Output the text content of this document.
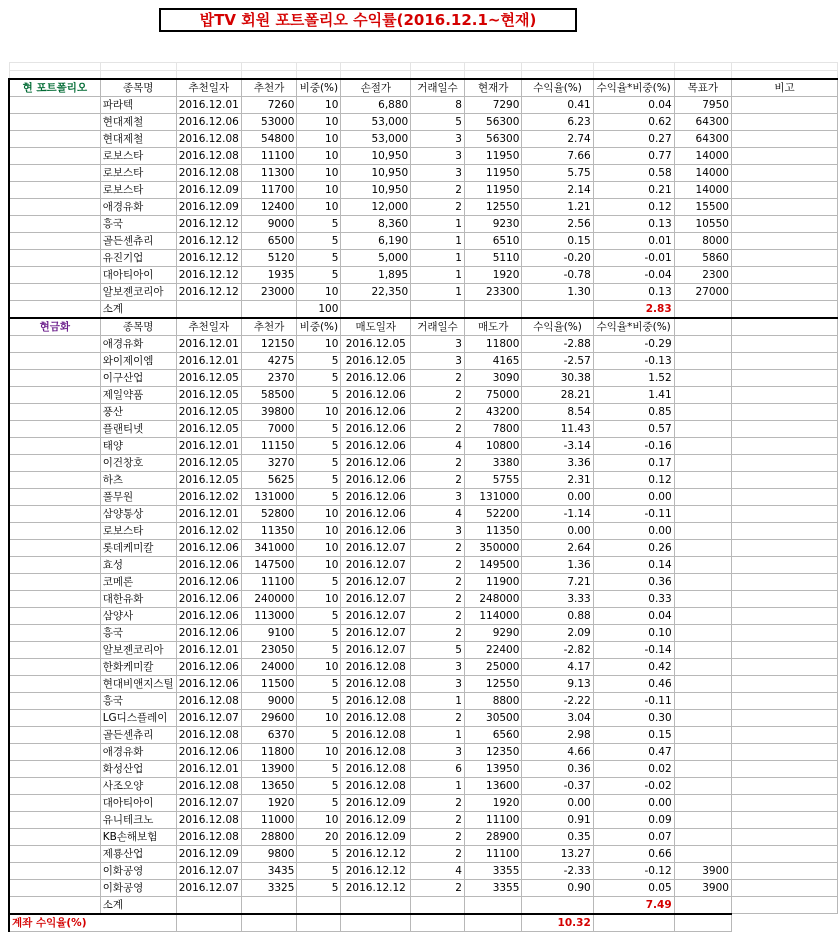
밥TV 회원 포트폴리오 수익률(2016.12.1~현재)

현 포트폴리오	종목명	추천일자	추천가	비중(%)	손절가	거래일수	현재가	수익율(%)	수익율*비중(%)	목표가	비고
	파라텍	2016.12.01	7260	10	6,880	8	7290	0.41	0.04	7950	
	현대제철	2016.12.06	53000	10	53,000	5	56300	6.23	0.62	64300	
	현대제철	2016.12.08	54800	10	53,000	3	56300	2.74	0.27	64300	
	로보스타	2016.12.08	11100	10	10,950	3	11950	7.66	0.77	14000	
	로보스타	2016.12.08	11300	10	10,950	3	11950	5.75	0.58	14000	
	로보스타	2016.12.09	11700	10	10,950	2	11950	2.14	0.21	14000	
	애경유화	2016.12.09	12400	10	12,000	2	12550	1.21	0.12	15500	
	흥국	2016.12.12	9000	5	8,360	1	9230	2.56	0.13	10550	
	골든센츄리	2016.12.12	6500	5	6,190	1	6510	0.15	0.01	8000	
	유진기업	2016.12.12	5120	5	5,000	1	5110	-0.20	-0.01	5860	
	대아티아이	2016.12.12	1935	5	1,895	1	1920	-0.78	-0.04	2300	
	알보젠코리아	2016.12.12	23000	10	22,350	1	23300	1.30	0.13	27000	
	소계			100					2.83		
현금화	종목명	추천일자	추천가	비중(%)	매도일자	거래일수	매도가	수익율(%)	수익율*비중(%)		
	애경유화	2016.12.01	12150	10	2016.12.05	3	11800	-2.88	-0.29		
	와이제이엠	2016.12.01	4275	5	2016.12.05	3	4165	-2.57	-0.13		
	이구산업	2016.12.05	2370	5	2016.12.06	2	3090	30.38	1.52		
	제일약품	2016.12.05	58500	5	2016.12.06	2	75000	28.21	1.41		
	풍산	2016.12.05	39800	10	2016.12.06	2	43200	8.54	0.85		
	플랜티넷	2016.12.05	7000	5	2016.12.06	2	7800	11.43	0.57		
	태양	2016.12.01	11150	5	2016.12.06	4	10800	-3.14	-0.16		
	이건창호	2016.12.05	3270	5	2016.12.06	2	3380	3.36	0.17		
	하츠	2016.12.05	5625	5	2016.12.06	2	5755	2.31	0.12		
	풀무원	2016.12.02	131000	5	2016.12.06	3	131000	0.00	0.00		
	삼양통상	2016.12.01	52800	10	2016.12.06	4	52200	-1.14	-0.11		
	로보스타	2016.12.02	11350	10	2016.12.06	3	11350	0.00	0.00		
	롯데케미칼	2016.12.06	341000	10	2016.12.07	2	350000	2.64	0.26		
	효성	2016.12.06	147500	10	2016.12.07	2	149500	1.36	0.14		
	코메론	2016.12.06	11100	5	2016.12.07	2	11900	7.21	0.36		
	대한유화	2016.12.06	240000	10	2016.12.07	2	248000	3.33	0.33		
	삼양사	2016.12.06	113000	5	2016.12.07	2	114000	0.88	0.04		
	흥국	2016.12.06	9100	5	2016.12.07	2	9290	2.09	0.10		
	알보젠코리아	2016.12.01	23050	5	2016.12.07	5	22400	-2.82	-0.14		
	한화케미칼	2016.12.06	24000	10	2016.12.08	3	25000	4.17	0.42		
	현대비앤지스틸	2016.12.06	11500	5	2016.12.08	3	12550	9.13	0.46		
	흥국	2016.12.08	9000	5	2016.12.08	1	8800	-2.22	-0.11		
	LG디스플레이	2016.12.07	29600	10	2016.12.08	2	30500	3.04	0.30		
	골든센츄리	2016.12.08	6370	5	2016.12.08	1	6560	2.98	0.15		
	애경유화	2016.12.06	11800	10	2016.12.08	3	12350	4.66	0.47		
	화성산업	2016.12.01	13900	5	2016.12.08	6	13950	0.36	0.02		
	사조오양	2016.12.08	13650	5	2016.12.08	1	13600	-0.37	-0.02		
	대아티아이	2016.12.07	1920	5	2016.12.09	2	1920	0.00	0.00		
	유니테크노	2016.12.08	11000	10	2016.12.09	2	11100	0.91	0.09		
	KB손해보험	2016.12.08	28800	20	2016.12.09	2	28900	0.35	0.07		
	제룡산업	2016.12.09	9800	5	2016.12.12	2	11100	13.27	0.66		
	이화공영	2016.12.07	3435	5	2016.12.12	4	3355	-2.33	-0.12	3900	
	이화공영	2016.12.07	3325	5	2016.12.12	2	3355	0.90	0.05	3900	
	소계								7.49		
계좌 수익율(%)								10.32			
